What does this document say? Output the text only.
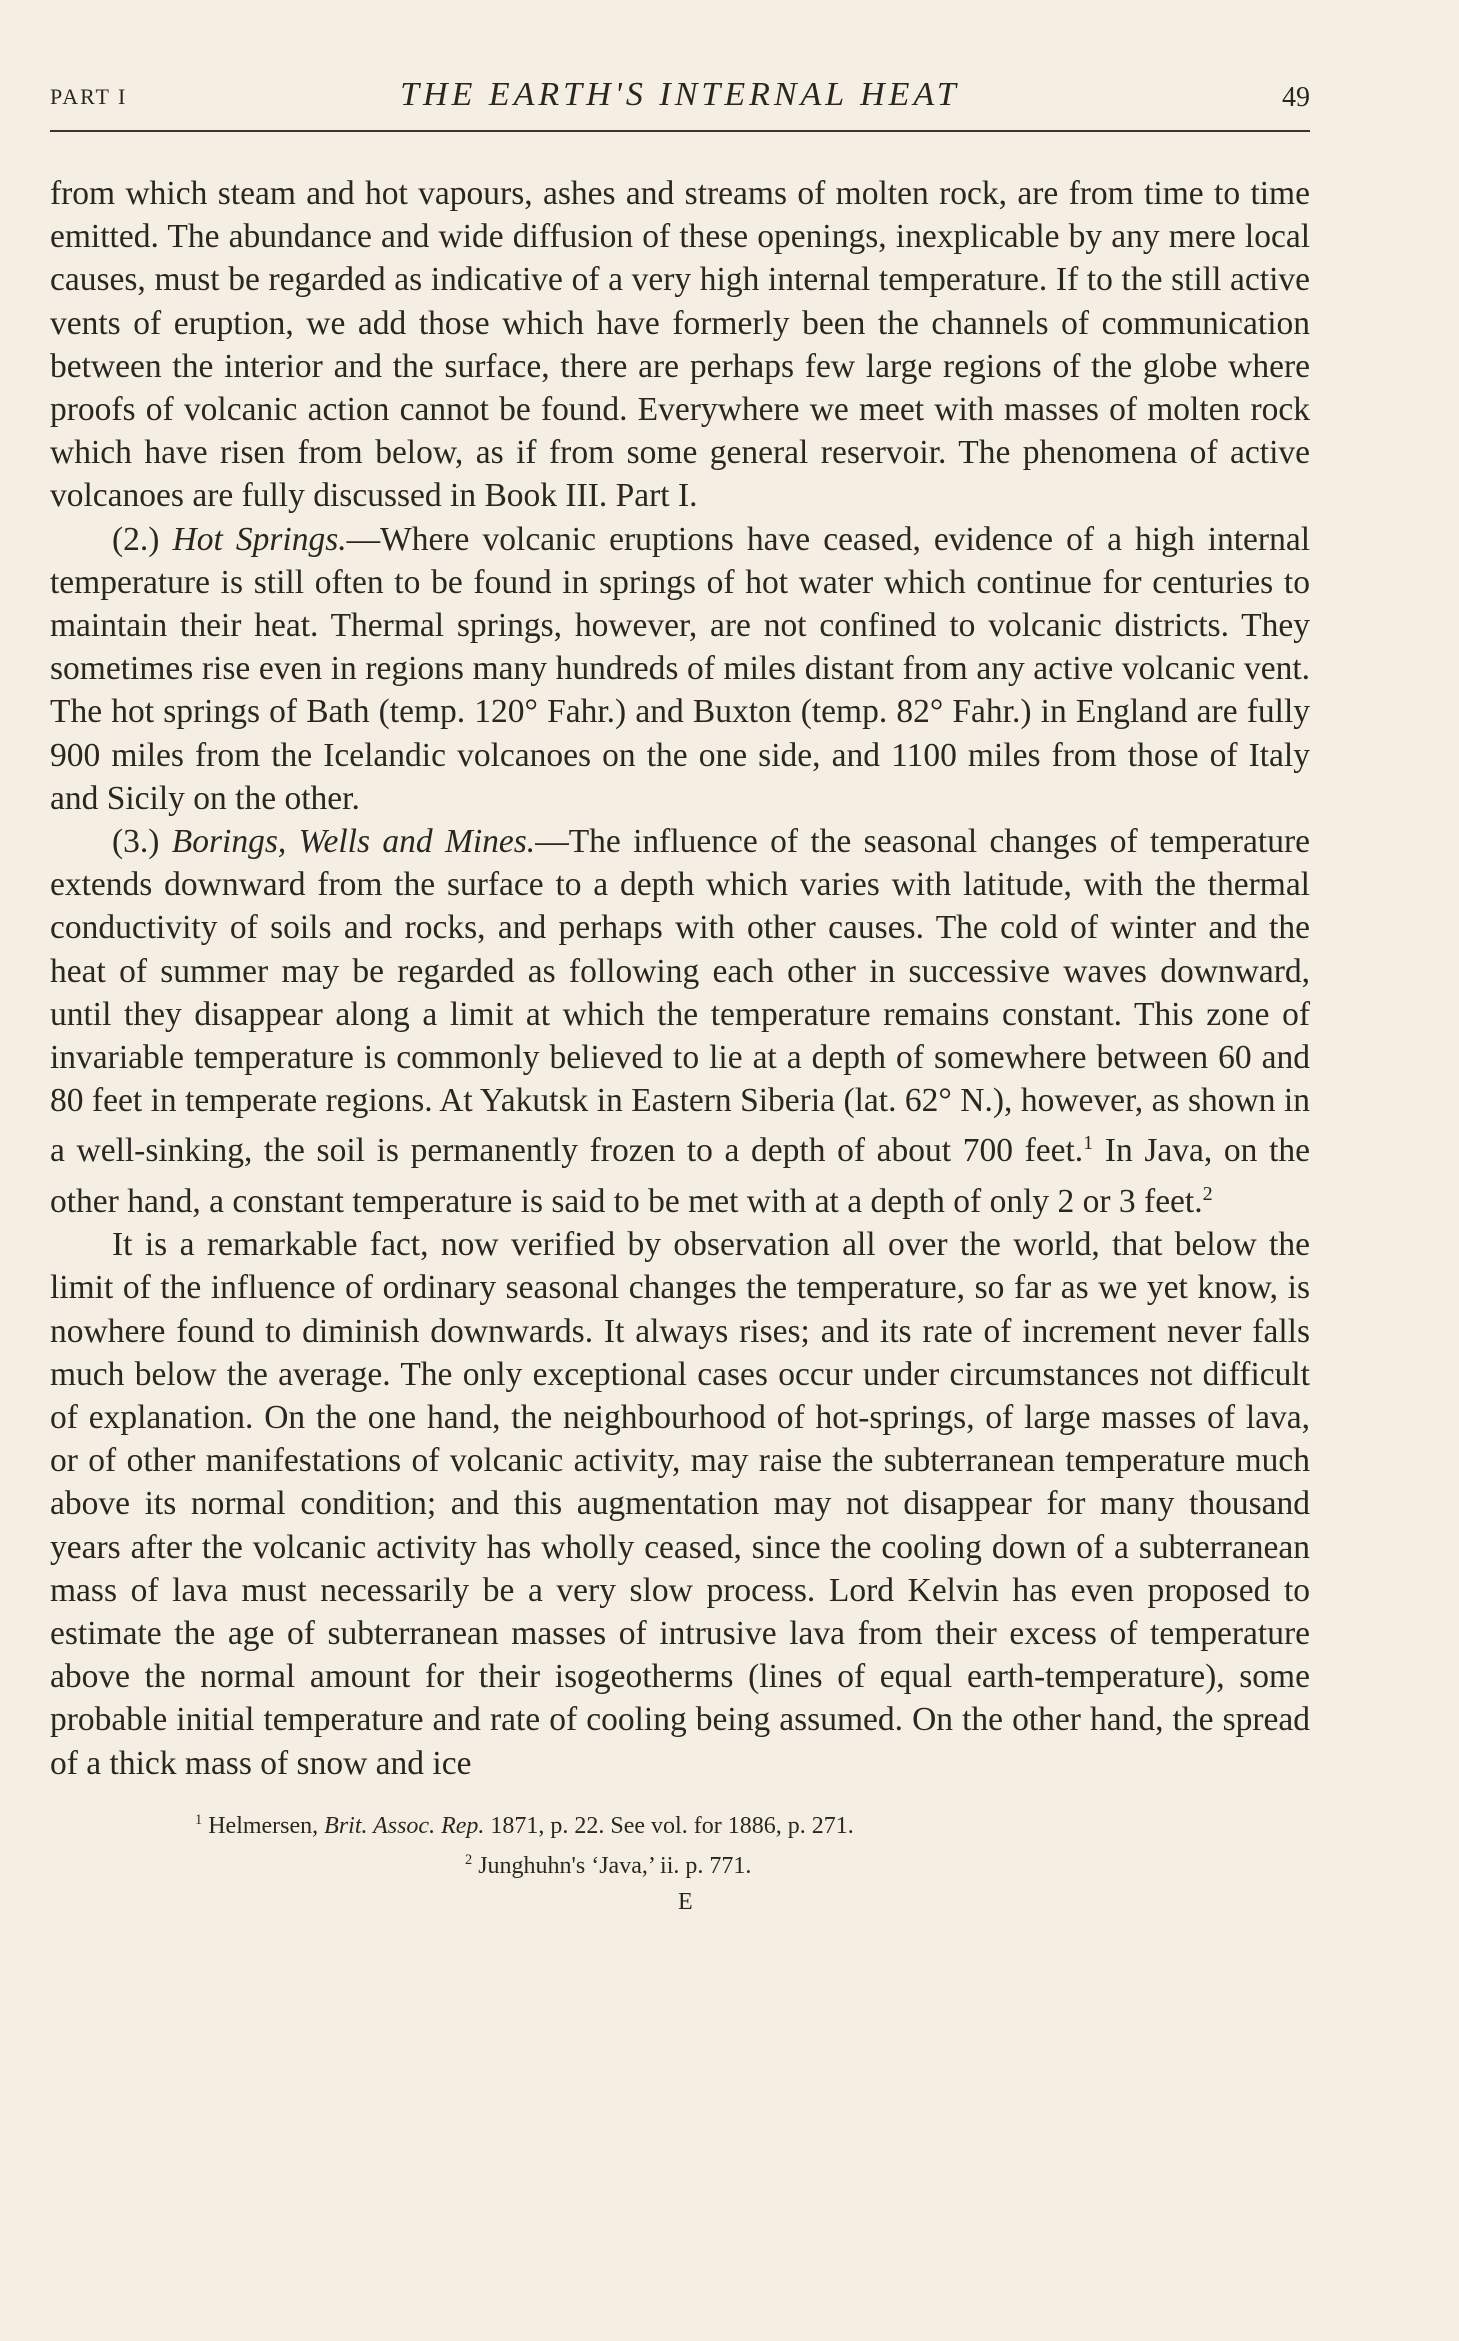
PART I	THE EARTH'S INTERNAL HEAT	49

from which steam and hot vapours, ashes and streams of molten rock, are from time to time emitted. The abundance and wide diffusion of these openings, inexplicable by any mere local causes, must be regarded as indicative of a very high internal temperature. If to the still active vents of eruption, we add those which have formerly been the channels of communication between the interior and the surface, there are perhaps few large regions of the globe where proofs of volcanic action cannot be found. Everywhere we meet with masses of molten rock which have risen from below, as if from some general reservoir. The phenomena of active volcanoes are fully discussed in Book III. Part I.

(2.) Hot Springs.—Where volcanic eruptions have ceased, evidence of a high internal temperature is still often to be found in springs of hot water which continue for centuries to maintain their heat. Thermal springs, however, are not confined to volcanic districts. They sometimes rise even in regions many hundreds of miles distant from any active volcanic vent. The hot springs of Bath (temp. 120° Fahr.) and Buxton (temp. 82° Fahr.) in England are fully 900 miles from the Icelandic volcanoes on the one side, and 1100 miles from those of Italy and Sicily on the other.

(3.) Borings, Wells and Mines.—The influence of the seasonal changes of temperature extends downward from the surface to a depth which varies with latitude, with the thermal conductivity of soils and rocks, and perhaps with other causes. The cold of winter and the heat of summer may be regarded as following each other in successive waves downward, until they disappear along a limit at which the temperature remains constant. This zone of invariable temperature is commonly believed to lie at a depth of somewhere between 60 and 80 feet in temperate regions. At Yakutsk in Eastern Siberia (lat. 62° N.), however, as shown in a well-sinking, the soil is permanently frozen to a depth of about 700 feet.$^1$ In Java, on the other hand, a constant temperature is said to be met with at a depth of only 2 or 3 feet.$^2$

It is a remarkable fact, now verified by observation all over the world, that below the limit of the influence of ordinary seasonal changes the temperature, so far as we yet know, is nowhere found to diminish downwards. It always rises; and its rate of increment never falls much below the average. The only exceptional cases occur under circumstances not difficult of explanation. On the one hand, the neighbourhood of hot-springs, of large masses of lava, or of other manifestations of volcanic activity, may raise the subterranean temperature much above its normal condition; and this augmentation may not disappear for many thousand years after the volcanic activity has wholly ceased, since the cooling down of a subterranean mass of lava must necessarily be a very slow process. Lord Kelvin has even proposed to estimate the age of subterranean masses of intrusive lava from their excess of temperature above the normal amount for their isogeotherms (lines of equal earth-temperature), some probable initial temperature and rate of cooling being assumed. On the other hand, the spread of a thick mass of snow and ice

$^1$ Helmersen, Brit. Assoc. Rep. 1871, p. 22. See vol. for 1886, p. 271.
$^2$ Junghuhn's ‘Java,’ ii. p. 771.
E
